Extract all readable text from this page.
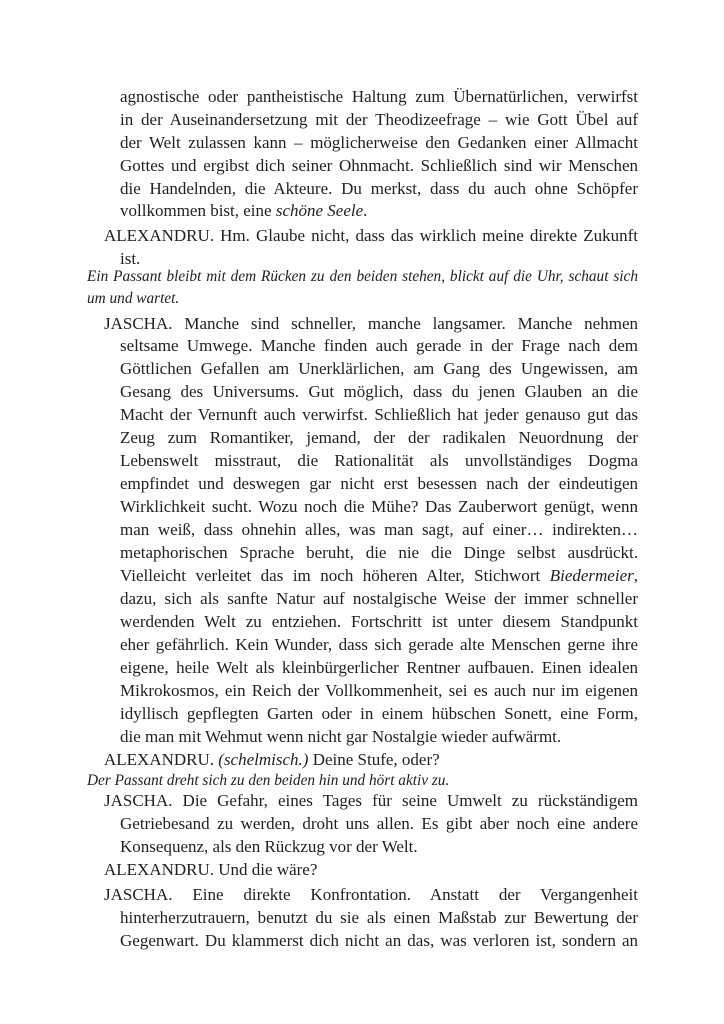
agnostische oder pantheistische Haltung zum Übernatürlichen, verwirfst

in der Auseinandersetzung mit der Theodizeefrage – wie Gott Übel auf

der Welt zulassen kann – möglicherweise den Gedanken einer Allmacht

Gottes und ergibst dich seiner Ohnmacht. Schließlich sind wir Menschen

die Handelnden, die Akteure. Du merkst, dass du auch ohne Schöpfer

vollkommen bist, eine schöne Seele.

ALEXANDRU. Hm. Glaube nicht, dass das wirklich meine direkte Zukunft

ist.

Ein Passant bleibt mit dem Rücken zu den beiden stehen, blickt auf die Uhr, schaut sich

um und wartet.

JASCHA. Manche sind schneller, manche langsamer. Manche nehmen

seltsame Umwege. Manche finden auch gerade in der Frage nach dem

Göttlichen Gefallen am Unerklärlichen, am Gang des Ungewissen, am

Gesang des Universums. Gut möglich, dass du jenen Glauben an die

Macht der Vernunft auch verwirfst. Schließlich hat jeder genauso gut das

Zeug zum Romantiker, jemand, der der radikalen Neuordnung der

Lebenswelt misstraut, die Rationalität als unvollständiges Dogma

empfindet und deswegen gar nicht erst besessen nach der eindeutigen

Wirklichkeit sucht. Wozu noch die Mühe? Das Zauberwort genügt, wenn

man weiß, dass ohnehin alles, was man sagt, auf einer… indirekten…

metaphorischen Sprache beruht, die nie die Dinge selbst ausdrückt.

Vielleicht verleitet das im noch höheren Alter, Stichwort Biedermeier,

dazu, sich als sanfte Natur auf nostalgische Weise der immer schneller

werdenden Welt zu entziehen. Fortschritt ist unter diesem Standpunkt

eher gefährlich. Kein Wunder, dass sich gerade alte Menschen gerne ihre

eigene, heile Welt als kleinbürgerlicher Rentner aufbauen. Einen idealen

Mikrokosmos, ein Reich der Vollkommenheit, sei es auch nur im eigenen

idyllisch gepflegten Garten oder in einem hübschen Sonett, eine Form,

die man mit Wehmut wenn nicht gar Nostalgie wieder aufwärmt.

ALEXANDRU. (schelmisch.) Deine Stufe, oder?

Der Passant dreht sich zu den beiden hin und hört aktiv zu.

JASCHA. Die Gefahr, eines Tages für seine Umwelt zu rückständigem

Getriebesand zu werden, droht uns allen. Es gibt aber noch eine andere

Konsequenz, als den Rückzug vor der Welt.

ALEXANDRU. Und die wäre?

JASCHA. Eine direkte Konfrontation. Anstatt der Vergangenheit

hinterherzutrauern, benutzt du sie als einen Maßstab zur Bewertung der

Gegenwart. Du klammerst dich nicht an das, was verloren ist, sondern an
